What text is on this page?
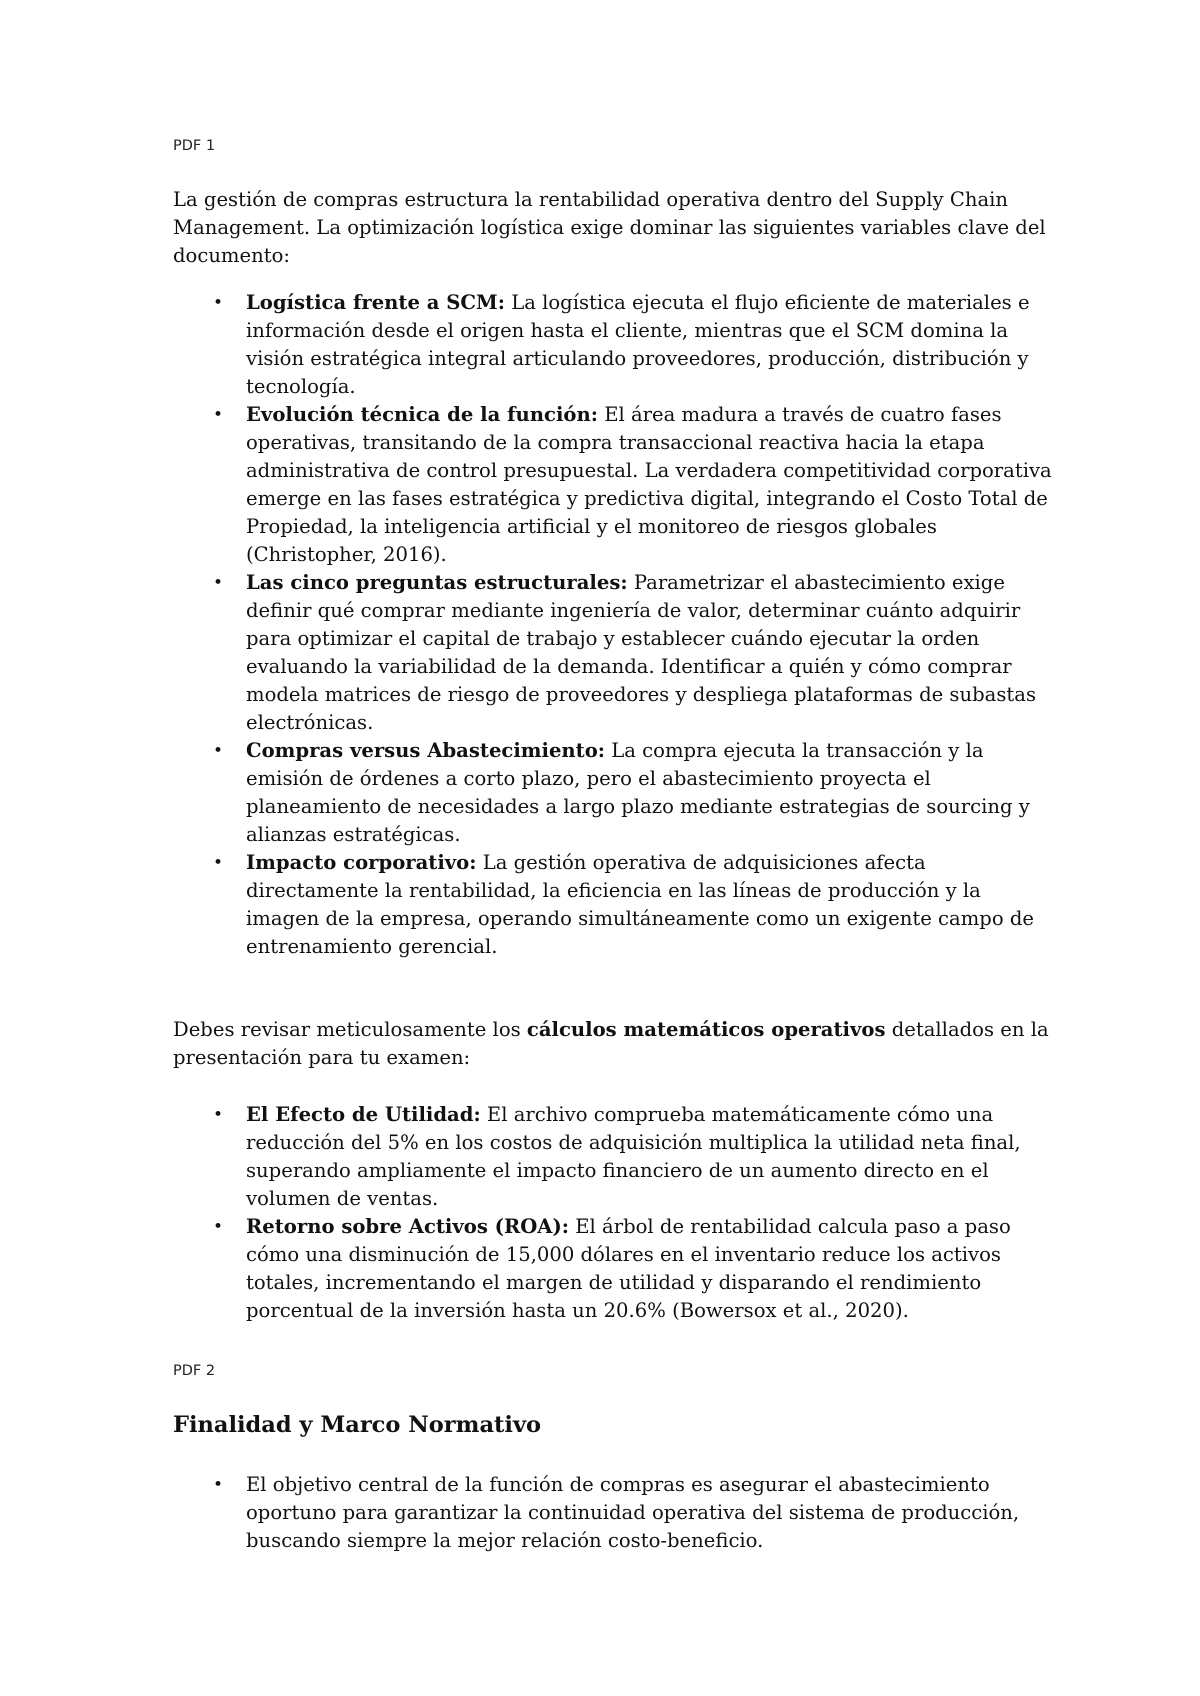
PDF 1

La gestión de compras estructura la rentabilidad operativa dentro del Supply Chain Management. La optimización logística exige dominar las siguientes variables clave del documento:

• Logística frente a SCM: La logística ejecuta el flujo eficiente de materiales e información desde el origen hasta el cliente, mientras que el SCM domina la visión estratégica integral articulando proveedores, producción, distribución y tecnología.
• Evolución técnica de la función: El área madura a través de cuatro fases operativas, transitando de la compra transaccional reactiva hacia la etapa administrativa de control presupuestal. La verdadera competitividad corporativa emerge en las fases estratégica y predictiva digital, integrando el Costo Total de Propiedad, la inteligencia artificial y el monitoreo de riesgos globales (Christopher, 2016).
• Las cinco preguntas estructurales: Parametrizar el abastecimiento exige definir qué comprar mediante ingeniería de valor, determinar cuánto adquirir para optimizar el capital de trabajo y establecer cuándo ejecutar la orden evaluando la variabilidad de la demanda. Identificar a quién y cómo comprar modela matrices de riesgo de proveedores y despliega plataformas de subastas electrónicas.
• Compras versus Abastecimiento: La compra ejecuta la transacción y la emisión de órdenes a corto plazo, pero el abastecimiento proyecta el planeamiento de necesidades a largo plazo mediante estrategias de sourcing y alianzas estratégicas.
• Impacto corporativo: La gestión operativa de adquisiciones afecta directamente la rentabilidad, la eficiencia en las líneas de producción y la imagen de la empresa, operando simultáneamente como un exigente campo de entrenamiento gerencial.

Debes revisar meticulosamente los cálculos matemáticos operativos detallados en la presentación para tu examen:

• El Efecto de Utilidad: El archivo comprueba matemáticamente cómo una reducción del 5% en los costos de adquisición multiplica la utilidad neta final, superando ampliamente el impacto financiero de un aumento directo en el volumen de ventas.
• Retorno sobre Activos (ROA): El árbol de rentabilidad calcula paso a paso cómo una disminución de 15,000 dólares en el inventario reduce los activos totales, incrementando el margen de utilidad y disparando el rendimiento porcentual de la inversión hasta un 20.6% (Bowersox et al., 2020).
PDF 2
Finalidad y Marco Normativo
• El objetivo central de la función de compras es asegurar el abastecimiento oportuno para garantizar la continuidad operativa del sistema de producción, buscando siempre la mejor relación costo-beneficio.
